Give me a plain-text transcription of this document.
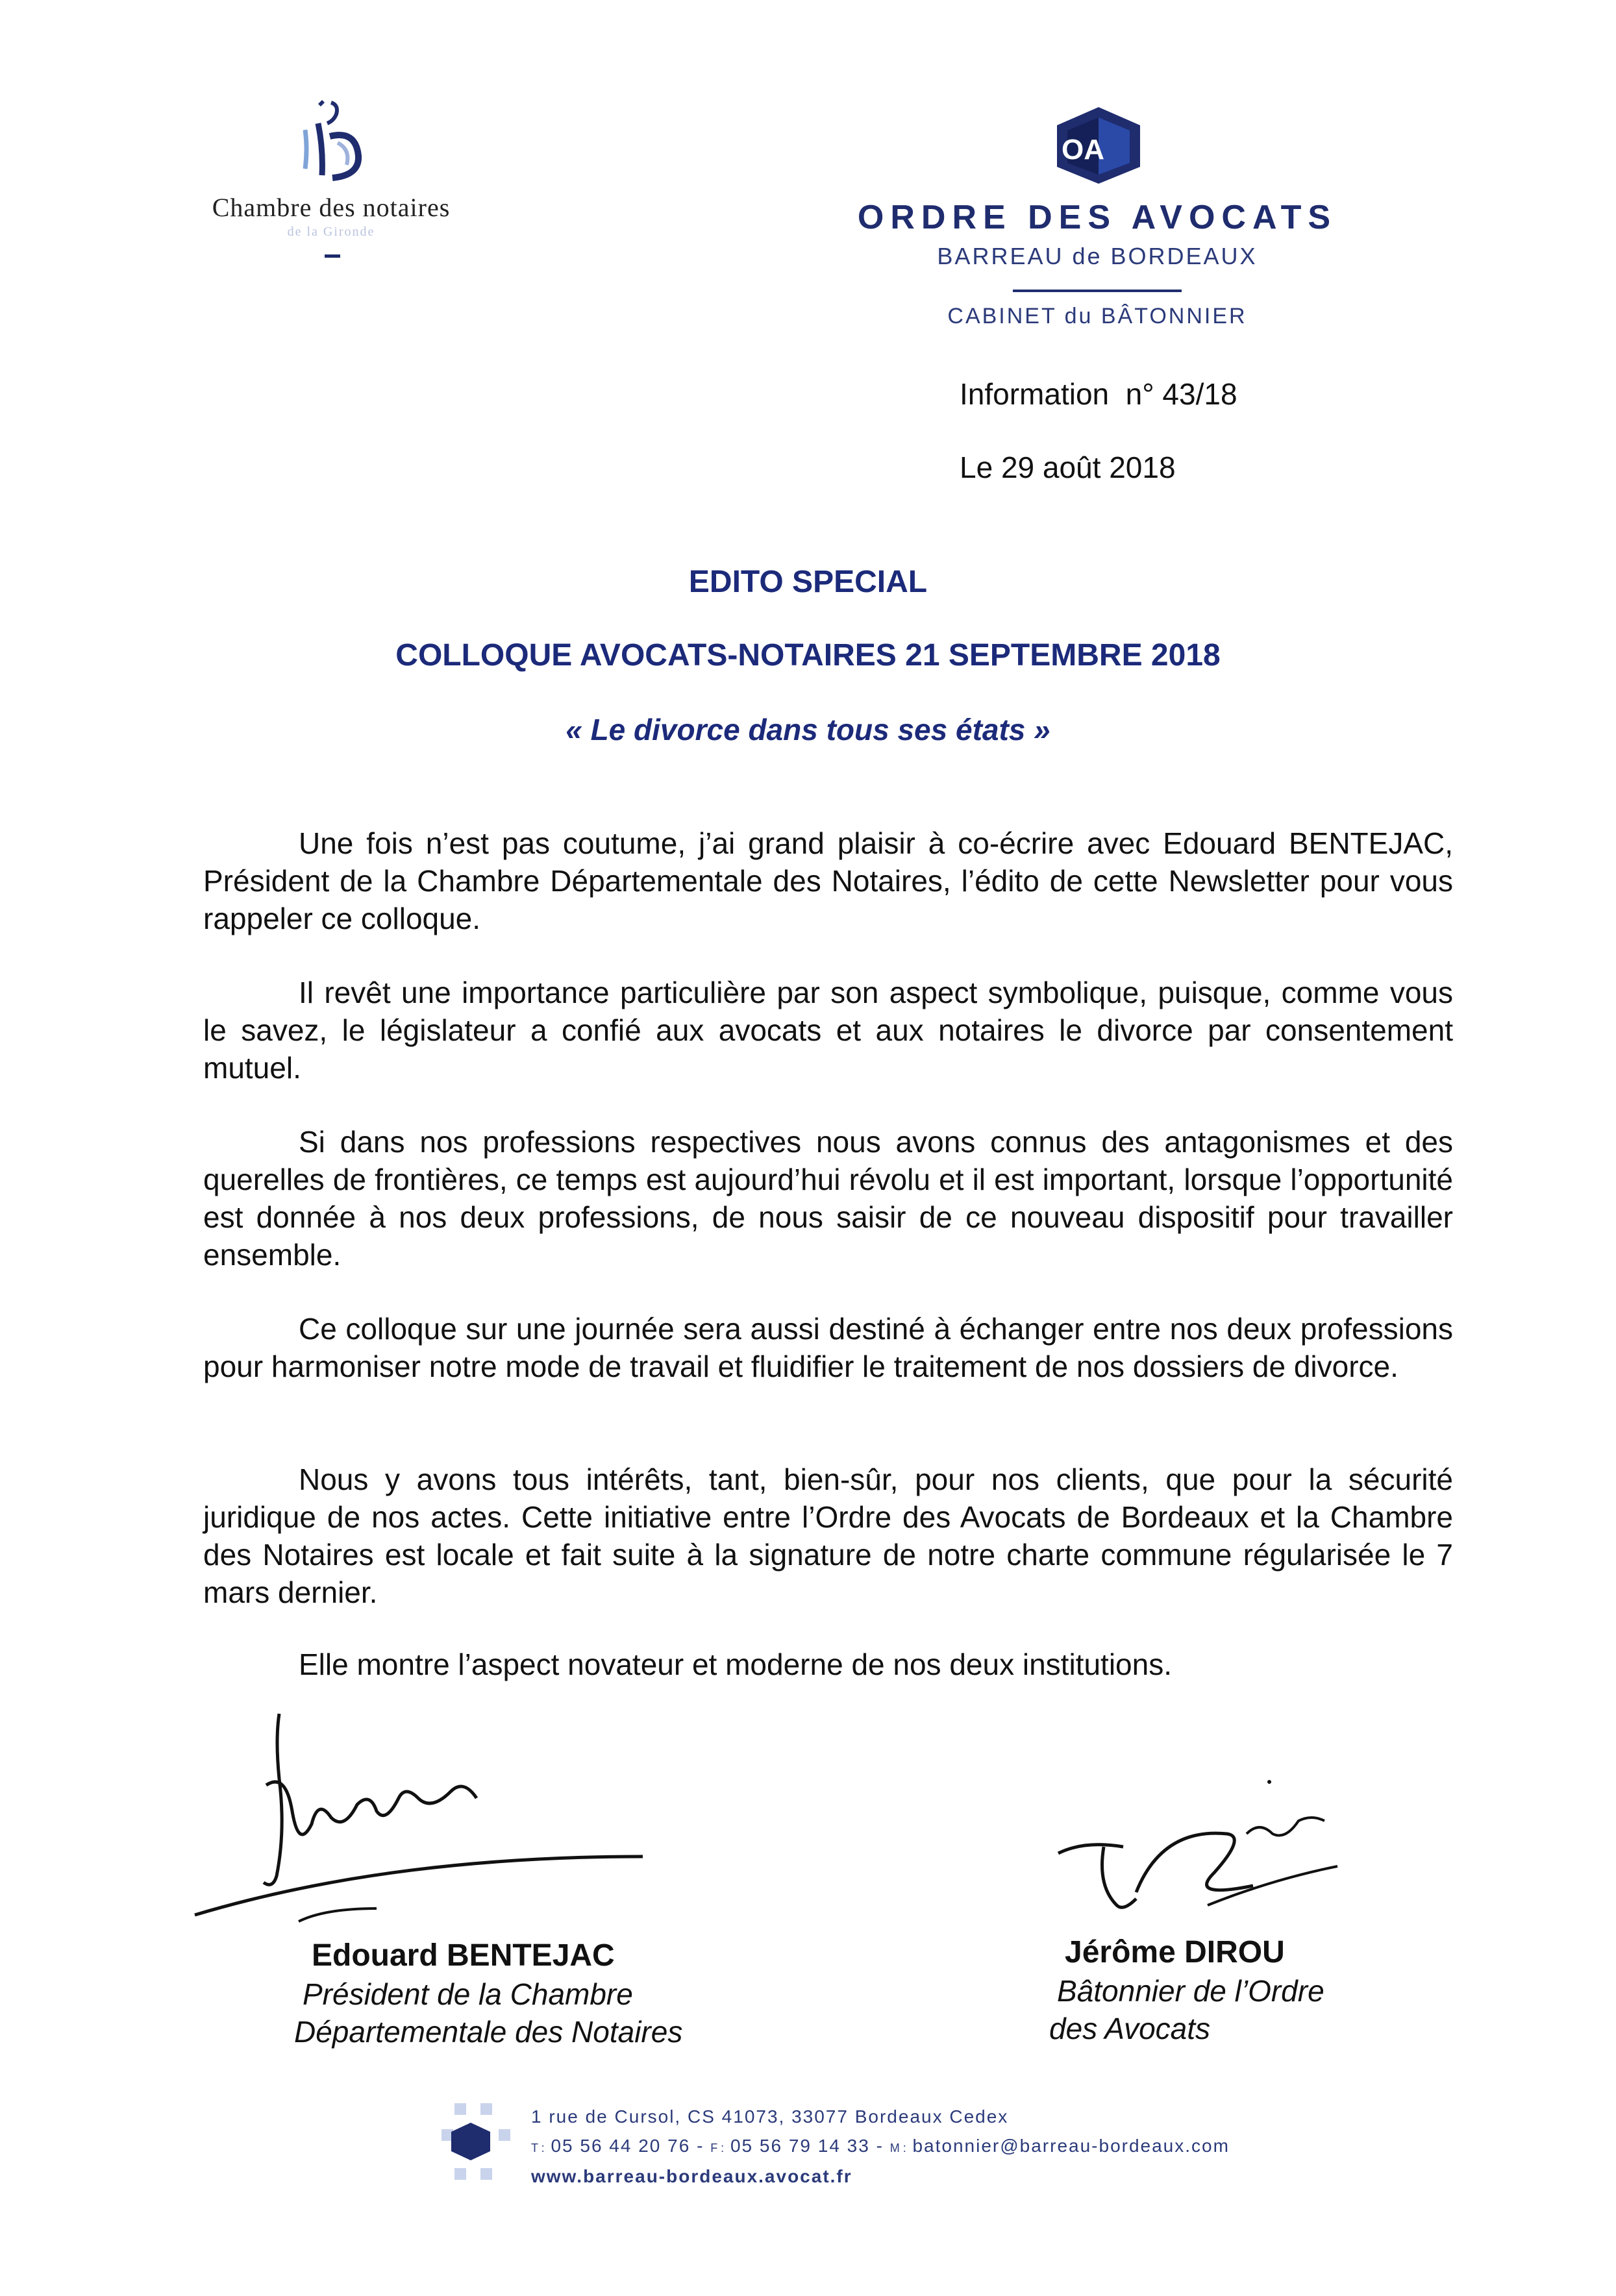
Chambre des notaires
de la Gironde
OA
ORDRE DES AVOCATS
BARREAU de BORDEAUX
CABINET du BÂTONNIER
Information  n° 43/18
Le 29 août 2018
EDITO SPECIAL
COLLOQUE AVOCATS-NOTAIRES 21 SEPTEMBRE 2018
« Le divorce dans tous ses états »
Une fois n’est pas coutume, j’ai grand plaisir à co-écrire avec Edouard BENTEJAC, Président de la Chambre Départementale des Notaires, l’édito de cette Newsletter pour vous rappeler ce colloque.
Il revêt une importance particulière par son aspect symbolique, puisque, comme vous le savez, le législateur a confié aux avocats et aux notaires le divorce par consentement mutuel.
Si dans nos professions respectives nous avons connus des antagonismes et des querelles de frontières, ce temps est aujourd’hui révolu et il est important, lorsque l’opportunité est donnée à nos deux professions, de nous saisir de ce nouveau dispositif pour travailler ensemble.
Ce colloque sur une journée sera aussi destiné à échanger entre nos deux professions pour harmoniser notre mode de travail et fluidifier le traitement de nos dossiers de divorce.
Nous y avons tous intérêts, tant, bien-sûr, pour nos clients, que pour la sécurité juridique de nos actes. Cette initiative entre l’Ordre des Avocats de Bordeaux et la Chambre des Notaires est locale et fait suite à la signature de notre charte commune régularisée le 7 mars dernier.
Elle montre l’aspect novateur et moderne de nos deux institutions.
Edouard BENTEJAC
Président de la Chambre
Départementale des Notaires
Jérôme DIROU
Bâtonnier de l’Ordre
des Avocats
1 rue de Cursol, CS 41073, 33077 Bordeaux Cedex
T : 05 56 44 20 76 - F : 05 56 79 14 33 - M : batonnier@barreau-bordeaux.com
www.barreau-bordeaux.avocat.fr
